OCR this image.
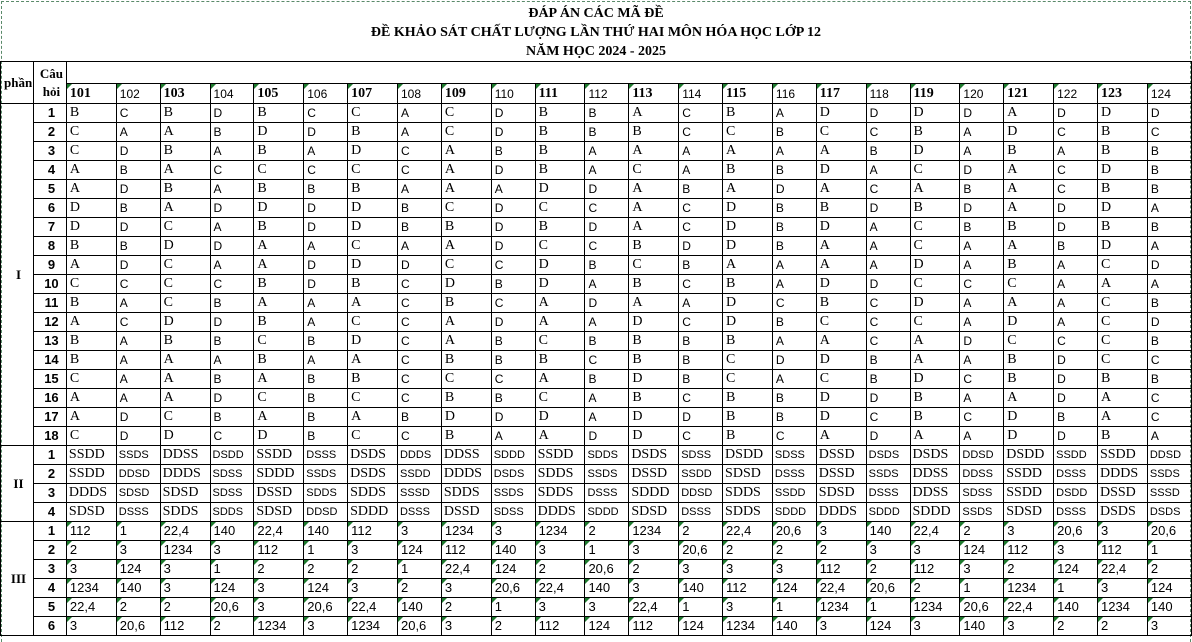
ĐÁP ÁN CÁC MÃ ĐỀ
ĐỀ KHẢO SÁT CHẤT LƯỢNG LẦN THỨ HAI MÔN HÓA HỌC LỚP 12
NĂM HỌC 2024 - 2025
phần	Câu
hỏi																								

		101	102	103	104	105	106	107	108	109	110	111	112	113	114	115	116	117	118	119	120	121	122	123	124
I	1	B	C	B	D	B	C	C	A	C	D	B	B	A	C	B	A	D	D	D	D	A	D	D	D
	2	C	A	A	B	D	D	B	A	C	D	B	B	B	C	C	B	C	C	B	A	D	C	B	C
	3	C	D	B	A	B	A	D	C	A	B	B	A	A	A	A	A	A	B	D	A	B	A	B	B
	4	A	B	A	C	C	C	C	C	A	D	B	A	C	A	B	B	D	A	C	D	A	C	D	B
	5	A	D	B	A	B	B	B	A	A	A	D	D	A	B	A	D	A	C	A	B	A	C	B	B
	6	D	B	A	D	D	D	D	B	C	D	C	C	A	C	D	B	B	D	B	D	A	D	D	A
	7	D	D	C	A	B	D	D	B	B	D	B	D	A	C	D	B	D	A	C	B	B	D	B	B
	8	B	B	D	D	A	A	C	A	A	D	C	C	B	D	D	B	A	A	C	A	A	B	D	A
	9	A	D	C	A	A	D	D	D	C	C	D	B	C	B	A	A	A	A	D	A	B	A	C	D
	10	C	C	C	C	B	D	B	C	D	B	D	A	B	C	B	A	D	D	C	C	C	A	A	A
	11	B	A	C	B	A	A	A	C	B	C	A	D	A	A	D	C	B	C	D	A	A	A	C	B
	12	A	C	D	D	B	A	C	C	A	D	A	A	D	C	D	B	C	C	C	A	D	A	C	D
	13	B	A	B	B	C	B	D	C	A	B	C	B	B	B	B	A	A	C	A	D	C	C	C	B
	14	B	A	A	A	B	A	A	C	B	B	B	C	B	B	C	D	D	B	A	A	B	D	C	C
	15	C	A	A	B	A	B	B	C	C	C	A	B	D	B	C	A	C	B	D	C	B	D	B	B
	16	A	A	A	D	C	B	C	C	B	B	C	A	B	C	B	B	D	D	B	A	A	D	A	C
	17	A	D	C	B	A	B	A	B	D	D	D	A	D	D	B	B	D	C	B	C	D	B	A	C
	18	C	D	D	C	D	B	C	C	B	A	A	D	D	C	B	C	A	D	A	A	D	D	B	A
II	1	SSDD	SSDS	DDSS	DSDD	SSDD	DSSS	DSDS	DDDS	DDSS	SDDD	SSDD	SDDS	DSDS	SDSS	DSDD	SDSS	DSSD	DSDS	DSDS	DDSD	DSDD	SSDD	SSDD	DDSD
	2	SSDD	DDSD	DDDS	SDSS	SDDD	SSDS	DSDS	SSDD	DDDS	DSDS	SDDS	SSDS	DSSD	SSDD	SDSD	DSSS	DSSD	SSDS	DDSS	DDSS	SSDD	DSSS	DDDS	SSDS
	3	DDDS	SDSD	SDSD	SDSS	DSSD	SDDS	SDDS	SSSD	SDDS	SSDS	SDDS	DSSS	SDDD	DDSD	SDDS	SSDD	SDSD	DSSS	DDSS	SDSS	SSDD	DSDD	DSSD	SSSD
	4	SDSD	DSSS	SDDS	SDDS	SDSD	DDSD	SDDD	DSSS	DSSD	SDSS	DDDS	SDDD	SDSD	DSSS	SDDS	SDDD	DDDS	SDDD	SDDD	SSDS	SDSD	DSSS	DSDS	DSDS
III	1	112	1	22,4	140	22,4	140	112	3	1234	3	1234	2	1234	2	22,4	20,6	3	140	22,4	2	3	20,6	3	20,6
	2	2	3	1234	3	112	1	3	124	112	140	3	1	3	20,6	2	2	2	3	3	124	112	3	112	1
	3	3	124	3	1	2	2	2	1	22,4	124	2	20,6	2	3	3	3	112	2	112	3	2	124	22,4	2
	4	1234	140	3	124	3	124	3	2	3	20,6	22,4	140	3	140	112	124	22,4	20,6	2	1	1234	1	3	124
	5	22,4	2	2	20,6	3	20,6	22,4	140	2	1	3	3	22,4	1	3	1	1234	1	1234	20,6	22,4	140	1234	140
	6	3	20,6	112	2	1234	3	1234	20,6	3	2	112	124	112	124	1234	140	3	124	3	140	3	2	2	3
